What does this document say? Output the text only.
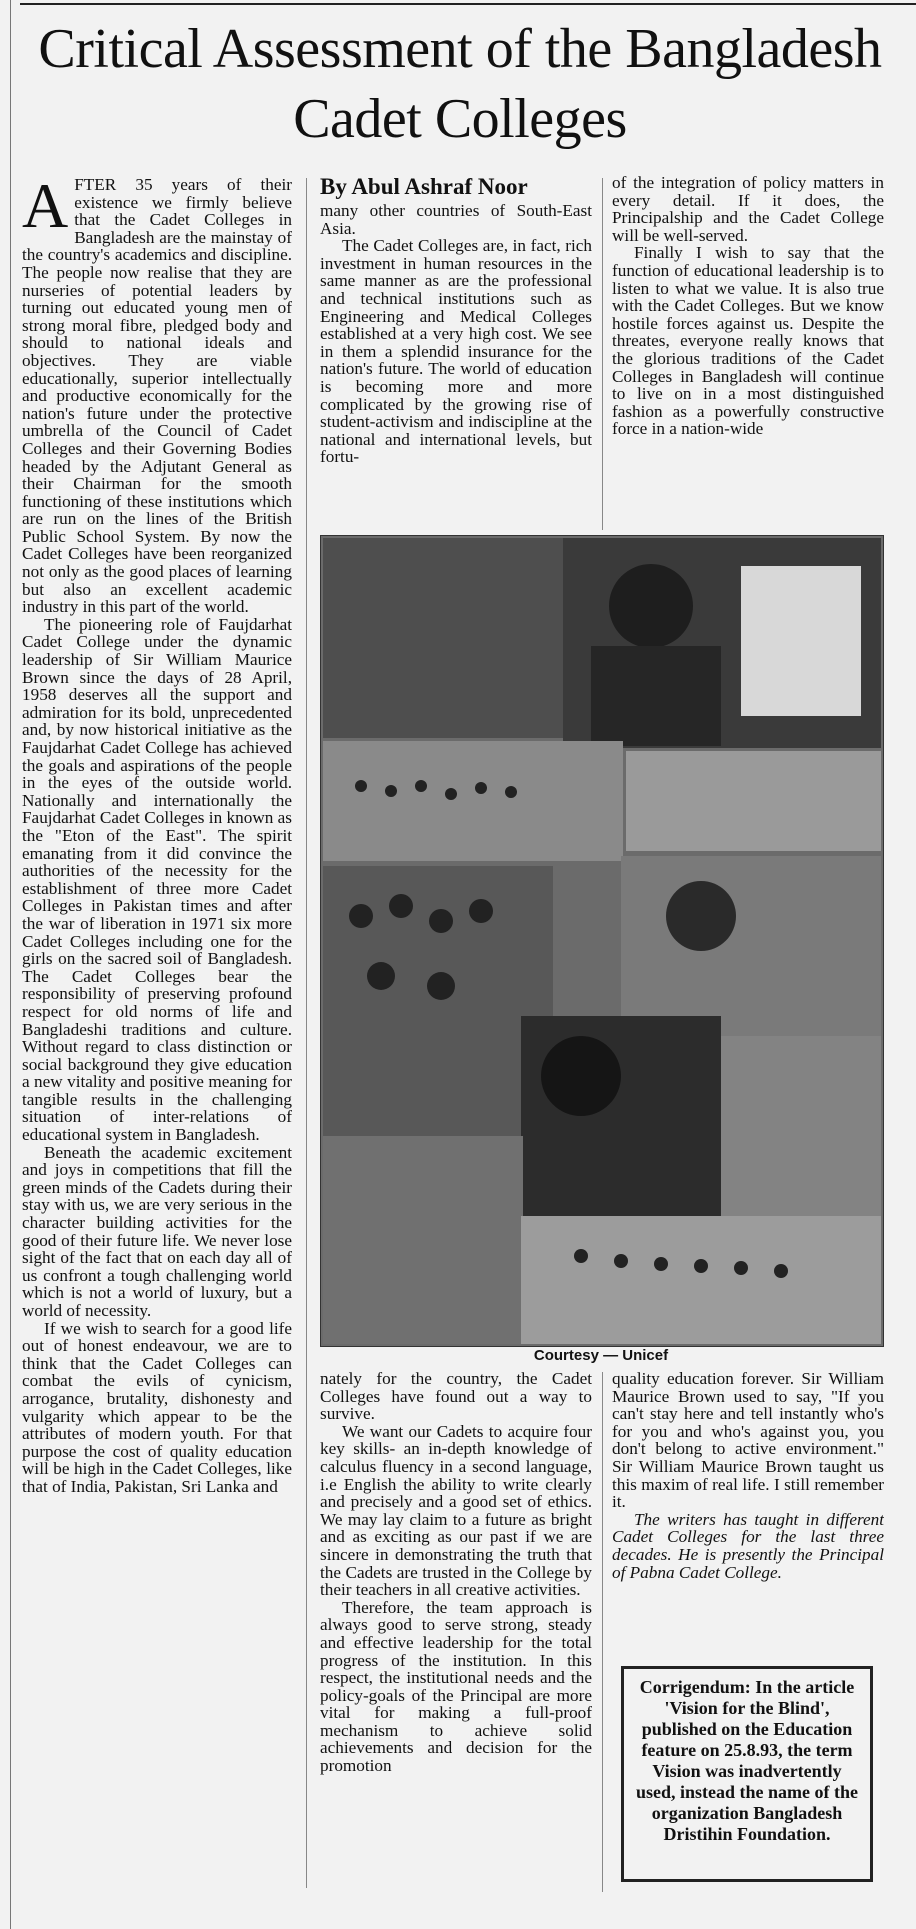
Critical Assessment of the Bangladesh Cadet Colleges

AFTER 35 years of their existence we firmly believe that the Cadet Colleges in Bangladesh are the mainstay of the country's academics and discipline. The people now realise that they are nurseries of potential leaders by turning out educated young men of strong moral fibre, pledged body and should to national ideals and objectives. They are viable educationally, superior intellectually and productive economically for the nation's future under the protective umbrella of the Council of Cadet Colleges and their Governing Bodies headed by the Adjutant General as their Chairman for the smooth functioning of these institutions which are run on the lines of the British Public School System. By now the Cadet Colleges have been reorganized not only as the good places of learning but also an excellent academic industry in this part of the world.

The pioneering role of Faujdarhat Cadet College under the dynamic leadership of Sir William Maurice Brown since the days of 28 April, 1958 deserves all the support and admiration for its bold, unprecedented and, by now historical initiative as the Faujdarhat Cadet College has achieved the goals and aspirations of the people in the eyes of the outside world. Nationally and internationally the Faujdarhat Cadet Colleges in known as the "Eton of the East". The spirit emanating from it did convince the authorities of the necessity for the establishment of three more Cadet Colleges in Pakistan times and after the war of liberation in 1971 six more Cadet Colleges including one for the girls on the sacred soil of Bangladesh. The Cadet Colleges bear the responsibility of preserving profound respect for old norms of life and Bangladeshi traditions and culture. Without regard to class distinction or social background they give education a new vitality and positive meaning for tangible results in the challenging situation of inter-relations of educational system in Bangladesh.

Beneath the academic excitement and joys in competitions that fill the green minds of the Cadets during their stay with us, we are very serious in the character building activities for the good of their future life. We never lose sight of the fact that on each day all of us confront a tough challenging world which is not a world of luxury, but a world of necessity.

If we wish to search for a good life out of honest endeavour, we are to think that the Cadet Colleges can combat the evils of cynicism, arrogance, brutality, dishonesty and vulgarity which appear to be the attributes of modern youth. For that purpose the cost of quality education will be high in the Cadet Colleges, like that of India, Pakistan, Sri Lanka and

By Abul Ashraf Noor

many other countries of South-East Asia.

The Cadet Colleges are, in fact, rich investment in human resources in the same manner as are the professional and technical institutions such as Engineering and Medical Colleges established at a very high cost. We see in them a splendid insurance for the nation's future. The world of education is becoming more and more complicated by the growing rise of student-activism and indiscipline at the national and international levels, but fortu-

of the integration of policy matters in every detail. If it does, the Principalship and the Cadet College will be well-served.

Finally I wish to say that the function of educational leadership is to listen to what we value. It is also true with the Cadet Colleges. But we know hostile forces against us. Despite the threates, everyone really knows that the glorious traditions of the Cadet Colleges in Bangladesh will continue to live on in a most distinguished fashion as a powerfully constructive force in a nation-wide

Courtesy — Unicef

nately for the country, the Cadet Colleges have found out a way to survive.

We want our Cadets to acquire four key skills- an in-depth knowledge of calculus fluency in a second language, i.e English the ability to write clearly and precisely and a good set of ethics. We may lay claim to a future as bright and as exciting as our past if we are sincere in demonstrating the truth that the Cadets are trusted in the College by their teachers in all creative activities.

Therefore, the team approach is always good to serve strong, steady and effective leadership for the total progress of the institution. In this respect, the institutional needs and the policy-goals of the Principal are more vital for making a full-proof mechanism to achieve solid achievements and decision for the promotion

quality education forever. Sir William Maurice Brown used to say, "If you can't stay here and tell instantly who's for you and who's against you, you don't belong to active environment." Sir William Maurice Brown taught us this maxim of real life. I still remember it.

The writers has taught in different Cadet Colleges for the last three decades. He is presently the Principal of Pabna Cadet College.

Corrigendum: In the article 'Vision for the Blind', published on the Education feature on 25.8.93, the term Vision was inadvertently used, instead the name of the organization Bangladesh Dristihin Foundation.
